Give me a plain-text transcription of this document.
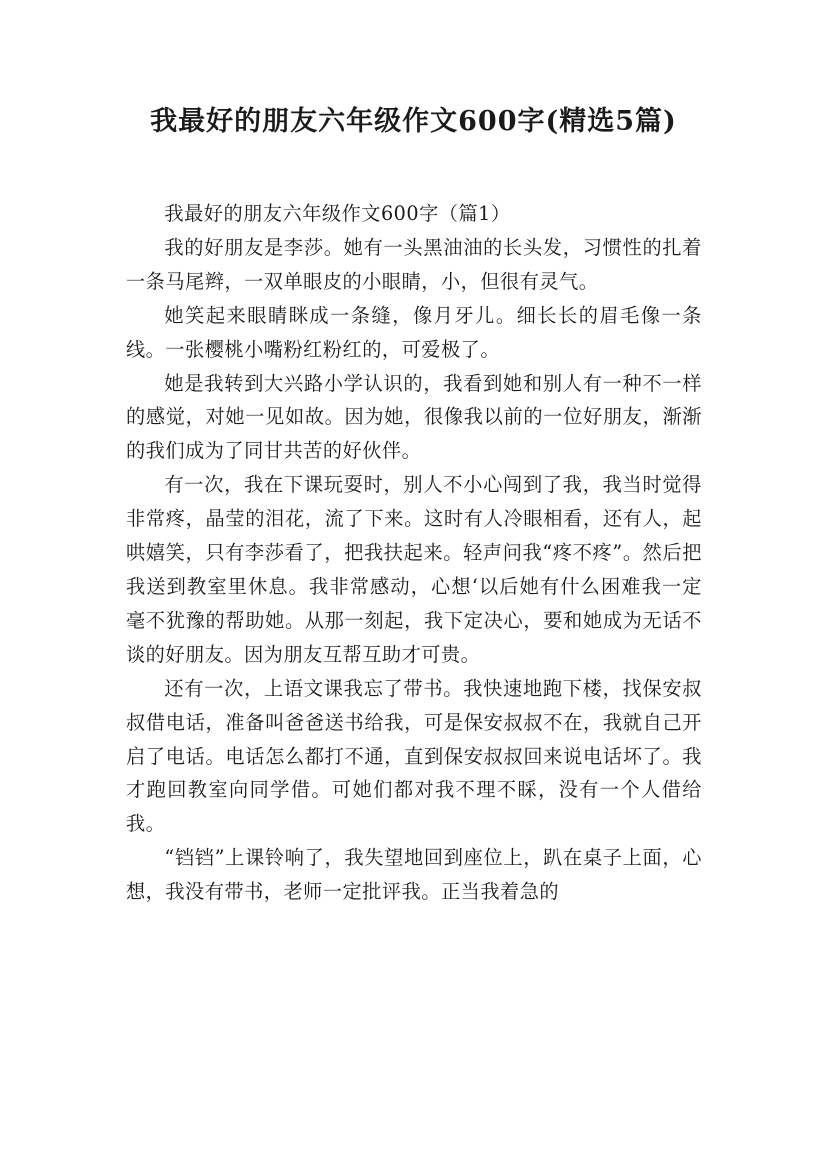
我最好的朋友六年级作文600字(精选5篇)

我最好的朋友六年级作文600字（篇1）

我的好朋友是李莎。她有一头黑油油的长头发，习惯性的扎着一条马尾辫，一双单眼皮的小眼睛，小，但很有灵气。

她笑起来眼睛眯成一条缝，像月牙儿。细长长的眉毛像一条线。一张樱桃小嘴粉红粉红的，可爱极了。

她是我转到大兴路小学认识的，我看到她和别人有一种不一样的感觉，对她一见如故。因为她，很像我以前的一位好朋友，渐渐的我们成为了同甘共苦的好伙伴。

有一次，我在下课玩耍时，别人不小心闯到了我，我当时觉得非常疼，晶莹的泪花，流了下来。这时有人冷眼相看，还有人，起哄嬉笑，只有李莎看了，把我扶起来。轻声问我“疼不疼”。然后把我送到教室里休息。我非常感动，心想‘以后她有什么困难我一定毫不犹豫的帮助她。从那一刻起，我下定决心，要和她成为无话不谈的好朋友。因为朋友互帮互助才可贵。

还有一次，上语文课我忘了带书。我快速地跑下楼，找保安叔叔借电话，准备叫爸爸送书给我，可是保安叔叔不在，我就自己开启了电话。电话怎么都打不通，直到保安叔叔回来说电话坏了。我才跑回教室向同学借。可她们都对我不理不睬，没有一个人借给我。

“铛铛”上课铃响了，我失望地回到座位上，趴在桌子上面，心想，我没有带书，老师一定批评我。正当我着急的
